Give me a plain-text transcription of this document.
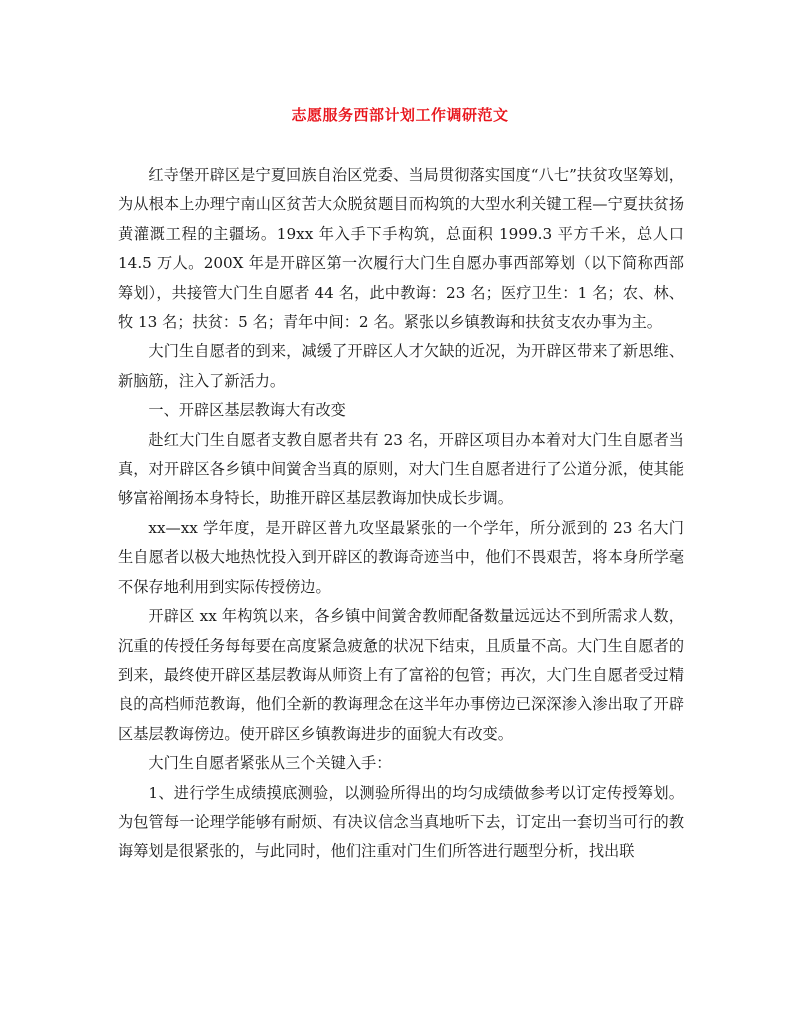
志愿服务西部计划工作调研范文

红寺堡开辟区是宁夏回族自治区党委、当局贯彻落实国度“八七”扶贫攻坚筹划，为从根本上办理宁南山区贫苦大众脱贫题目而构筑的大型水利关键工程—宁夏扶贫扬黄灌溉工程的主疆场。19xx 年入手下手构筑，总面积 1999.3 平方千米，总人口 14.5 万人。200X 年是开辟区第一次履行大门生自愿办事西部筹划（以下简称西部筹划），共接管大门生自愿者 44 名，此中教诲：23 名；医疗卫生：1 名；农、林、牧 13 名；扶贫：5 名；青年中间：2 名。紧张以乡镇教诲和扶贫支农办事为主。

大门生自愿者的到来，减缓了开辟区人才欠缺的近况，为开辟区带来了新思维、新脑筋，注入了新活力。

一、开辟区基层教诲大有改变

赴红大门生自愿者支教自愿者共有 23 名，开辟区项目办本着对大门生自愿者当真，对开辟区各乡镇中间黉舍当真的原则，对大门生自愿者进行了公道分派，使其能够富裕阐扬本身特长，助推开辟区基层教诲加快成长步调。

xx—xx 学年度，是开辟区普九攻坚最紧张的一个学年，所分派到的 23 名大门生自愿者以极大地热忱投入到开辟区的教诲奇迹当中，他们不畏艰苦，将本身所学毫不保存地利用到实际传授傍边。

开辟区 xx 年构筑以来，各乡镇中间黉舍教师配备数量远远达不到所需求人数，沉重的传授任务每每要在高度紧急疲惫的状况下结束，且质量不高。大门生自愿者的到来，最终使开辟区基层教诲从师资上有了富裕的包管；再次，大门生自愿者受过精良的高档师范教诲，他们全新的教诲理念在这半年办事傍边已深深渗入渗出取了开辟区基层教诲傍边。使开辟区乡镇教诲进步的面貌大有改变。

大门生自愿者紧张从三个关键入手：

1、进行学生成绩摸底测验，以测验所得出的均匀成绩做参考以订定传授筹划。为包管每一论理学能够有耐烦、有决议信念当真地听下去，订定出一套切当可行的教诲筹划是很紧张的，与此同时，他们注重对门生们所答进行题型分析，找出联
